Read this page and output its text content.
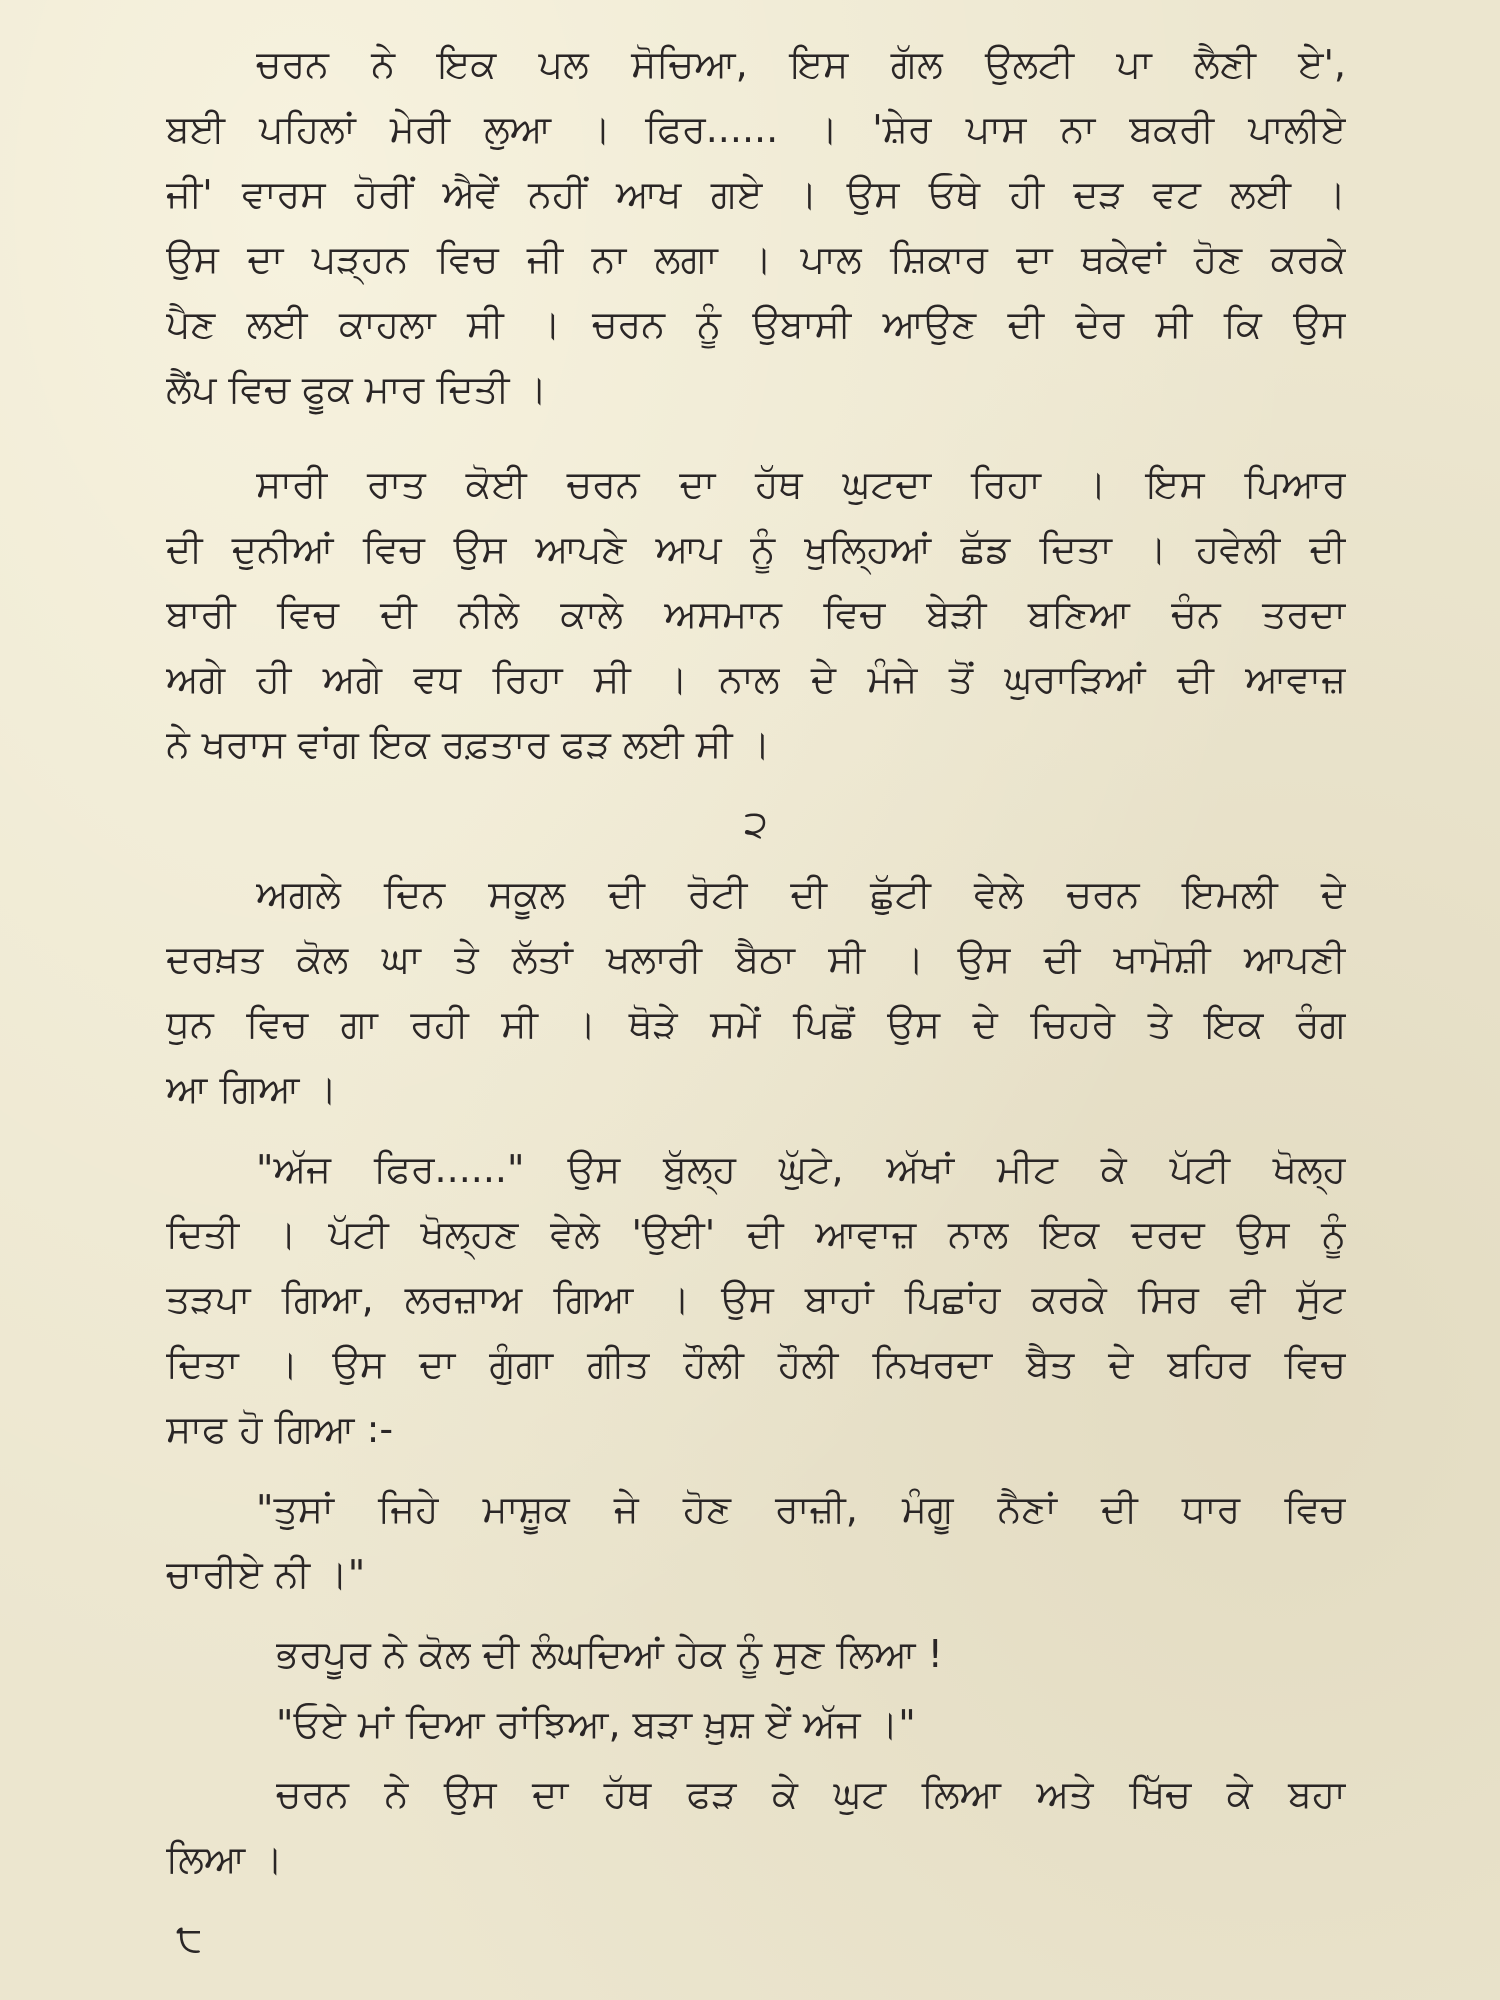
ਚਰਨ ਨੇ ਇਕ ਪਲ ਸੋਚਿਆ, ਇਸ ਗੱਲ ਉਲਟੀ ਪਾ ਲੈਣੀ ਏ',
ਬਈ ਪਹਿਲਾਂ ਮੇਰੀ ਲੁਆ । ਫਿਰ...... । 'ਸ਼ੇਰ ਪਾਸ ਨਾ ਬਕਰੀ ਪਾਲੀਏ
ਜੀ' ਵਾਰਸ ਹੋਰੀਂ ਐਵੇਂ ਨਹੀਂ ਆਖ ਗਏ । ਉਸ ਓਥੇ ਹੀ ਦੜ ਵਟ ਲਈ ।
ਉਸ ਦਾ ਪੜ੍ਹਨ ਵਿਚ ਜੀ ਨਾ ਲਗਾ । ਪਾਲ ਸ਼ਿਕਾਰ ਦਾ ਥਕੇਵਾਂ ਹੋਣ ਕਰਕੇ
ਪੈਣ ਲਈ ਕਾਹਲਾ ਸੀ । ਚਰਨ ਨੂੰ ਉਬਾਸੀ ਆਉਣ ਦੀ ਦੇਰ ਸੀ ਕਿ ਉਸ
ਲੈਂਪ ਵਿਚ ਫੂਕ ਮਾਰ ਦਿਤੀ ।
ਸਾਰੀ ਰਾਤ ਕੋਈ ਚਰਨ ਦਾ ਹੱਥ ਘੁਟਦਾ ਰਿਹਾ । ਇਸ ਪਿਆਰ
ਦੀ ਦੁਨੀਆਂ ਵਿਚ ਉਸ ਆਪਣੇ ਆਪ ਨੂੰ ਖੁਲ੍ਹਿਆਂ ਛੱਡ ਦਿਤਾ । ਹਵੇਲੀ ਦੀ
ਬਾਰੀ ਵਿਚ ਦੀ ਨੀਲੇ ਕਾਲੇ ਅਸਮਾਨ ਵਿਚ ਬੇੜੀ ਬਣਿਆ ਚੰਨ ਤਰਦਾ
ਅਗੇ ਹੀ ਅਗੇ ਵਧ ਰਿਹਾ ਸੀ । ਨਾਲ ਦੇ ਮੰਜੇ ਤੋਂ ਘੁਰਾੜਿਆਂ ਦੀ ਆਵਾਜ਼
ਨੇ ਖਰਾਸ ਵਾਂਗ ਇਕ ਰਫ਼ਤਾਰ ਫੜ ਲਈ ਸੀ ।
੨
ਅਗਲੇ ਦਿਨ ਸਕੂਲ ਦੀ ਰੋਟੀ ਦੀ ਛੁੱਟੀ ਵੇਲੇ ਚਰਨ ਇਮਲੀ ਦੇ
ਦਰਖ਼ਤ ਕੋਲ ਘਾ ਤੇ ਲੱਤਾਂ ਖਲਾਰੀ ਬੈਠਾ ਸੀ । ਉਸ ਦੀ ਖਾਮੋਸ਼ੀ ਆਪਣੀ
ਧੁਨ ਵਿਚ ਗਾ ਰਹੀ ਸੀ । ਥੋੜੇ ਸਮੇਂ ਪਿਛੋਂ ਉਸ ਦੇ ਚਿਹਰੇ ਤੇ ਇਕ ਰੰਗ
ਆ ਗਿਆ ।
"ਅੱਜ ਫਿਰ......" ਉਸ ਬੁੱਲ੍ਹ ਘੁੱਟੇ, ਅੱਖਾਂ ਮੀਟ ਕੇ ਪੱਟੀ ਖੋਲ੍ਹ
ਦਿਤੀ । ਪੱਟੀ ਖੋਲ੍ਹਣ ਵੇਲੇ 'ਉਈ' ਦੀ ਆਵਾਜ਼ ਨਾਲ ਇਕ ਦਰਦ ਉਸ ਨੂੰ
ਤੜਪਾ ਗਿਆ, ਲਰਜ਼ਾਅ ਗਿਆ । ਉਸ ਬਾਹਾਂ ਪਿਛਾਂਹ ਕਰਕੇ ਸਿਰ ਵੀ ਸੁੱਟ
ਦਿਤਾ । ਉਸ ਦਾ ਗੁੰਗਾ ਗੀਤ ਹੌਲੀ ਹੌਲੀ ਨਿਖਰਦਾ ਬੈਤ ਦੇ ਬਹਿਰ ਵਿਚ
ਸਾਫ ਹੋ ਗਿਆ :-
"ਤੁਸਾਂ ਜਿਹੇ ਮਾਸ਼ੂਕ ਜੇ ਹੋਣ ਰਾਜ਼ੀ, ਮੰਗੂ ਨੈਣਾਂ ਦੀ ਧਾਰ ਵਿਚ
ਚਾਰੀਏ ਨੀ ।"
ਭਰਪੂਰ ਨੇ ਕੋਲ ਦੀ ਲੰਘਦਿਆਂ ਹੇਕ ਨੂੰ ਸੁਣ ਲਿਆ !
"ਓਏ ਮਾਂ ਦਿਆ ਰਾਂਝਿਆ, ਬੜਾ ਖ਼ੁਸ਼ ਏਂ ਅੱਜ ।"
ਚਰਨ ਨੇ ਉਸ ਦਾ ਹੱਥ ਫੜ ਕੇ ਘੁਟ ਲਿਆ ਅਤੇ ਖਿੱਚ ਕੇ ਬਹਾ
ਲਿਆ ।
੮
